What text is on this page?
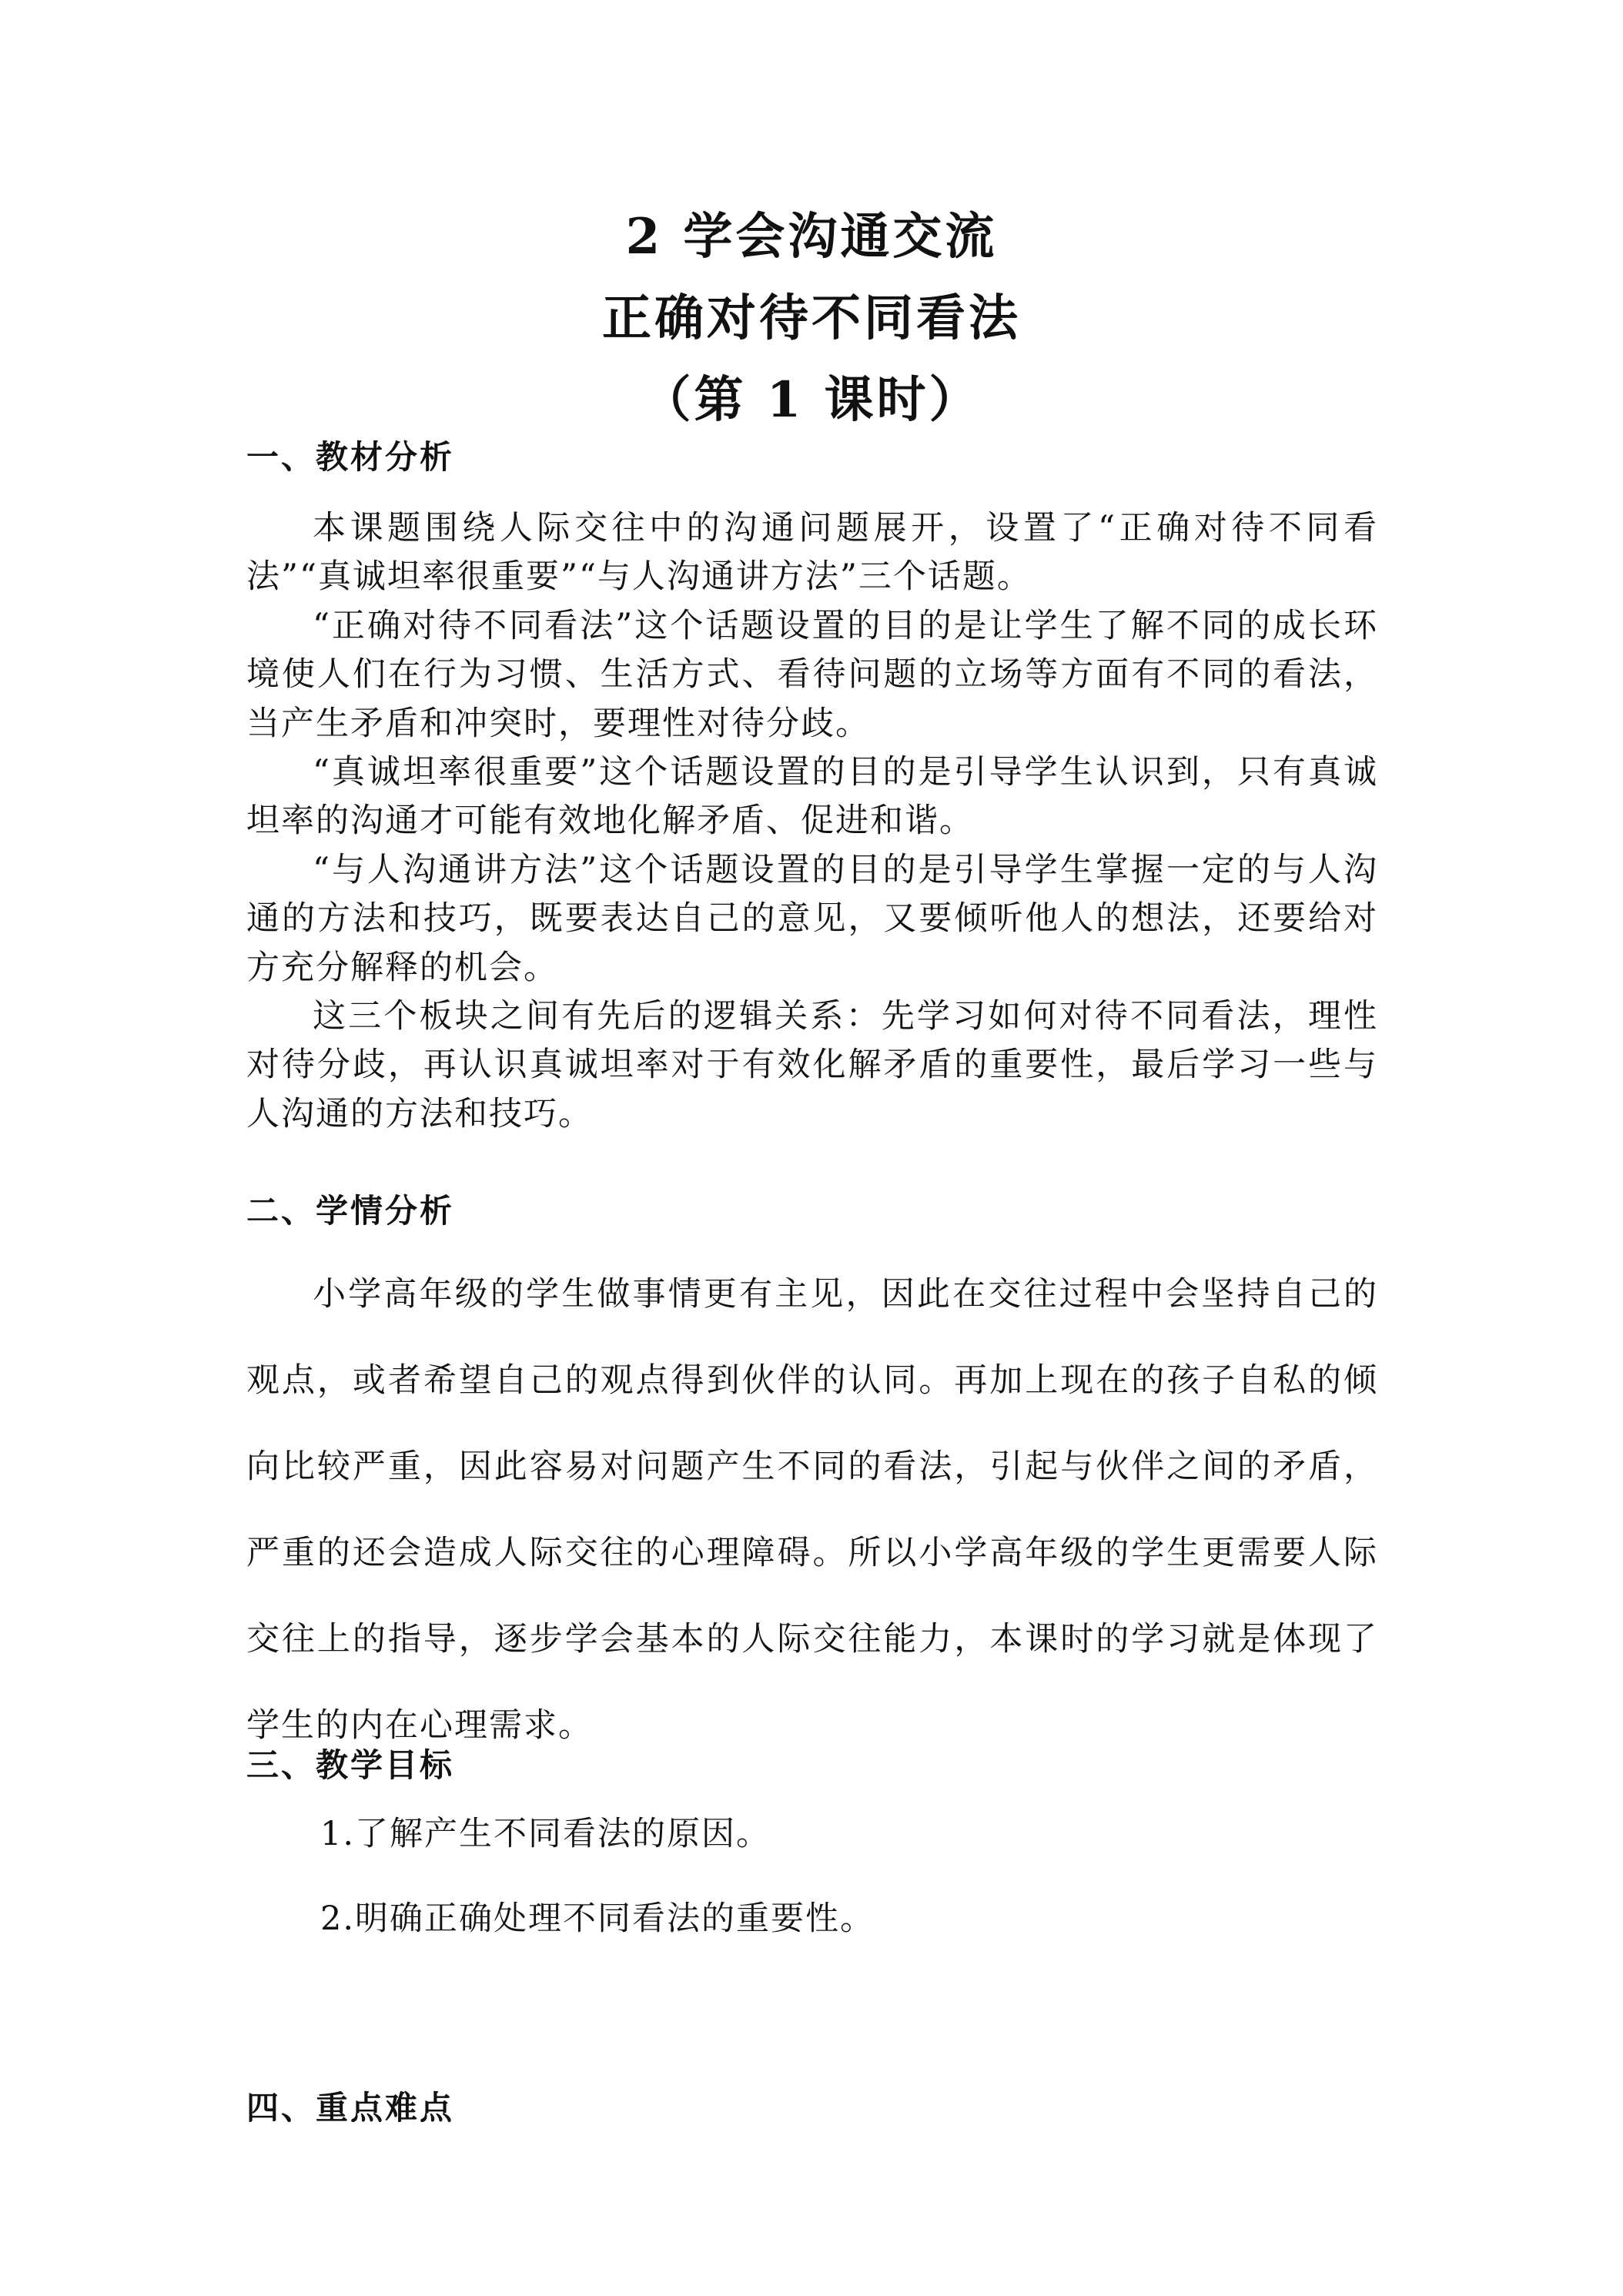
2 学会沟通交流
正确对待不同看法
（第 1 课时）
一、教材分析

本课题围绕人际交往中的沟通问题展开，设置了“正确对待不同看法”“真诚坦率很重要”“与人沟通讲方法”三个话题。

“正确对待不同看法”这个话题设置的目的是让学生了解不同的成长环境使人们在行为习惯、生活方式、看待问题的立场等方面有不同的看法，当产生矛盾和冲突时，要理性对待分歧。

“真诚坦率很重要”这个话题设置的目的是引导学生认识到，只有真诚坦率的沟通才可能有效地化解矛盾、促进和谐。

“与人沟通讲方法”这个话题设置的目的是引导学生掌握一定的与人沟通的方法和技巧，既要表达自己的意见，又要倾听他人的想法，还要给对方充分解释的机会。

这三个板块之间有先后的逻辑关系：先学习如何对待不同看法，理性对待分歧，再认识真诚坦率对于有效化解矛盾的重要性，最后学习一些与人沟通的方法和技巧。

二、学情分析

小学高年级的学生做事情更有主见，因此在交往过程中会坚持自己的观点，或者希望自己的观点得到伙伴的认同。再加上现在的孩子自私的倾向比较严重，因此容易对问题产生不同的看法，引起与伙伴之间的矛盾，严重的还会造成人际交往的心理障碍。所以小学高年级的学生更需要人际交往上的指导，逐步学会基本的人际交往能力，本课时的学习就是体现了学生的内在心理需求。

三、教学目标
1.了解产生不同看法的原因。
2.明确正确处理不同看法的重要性。
四、重点难点
